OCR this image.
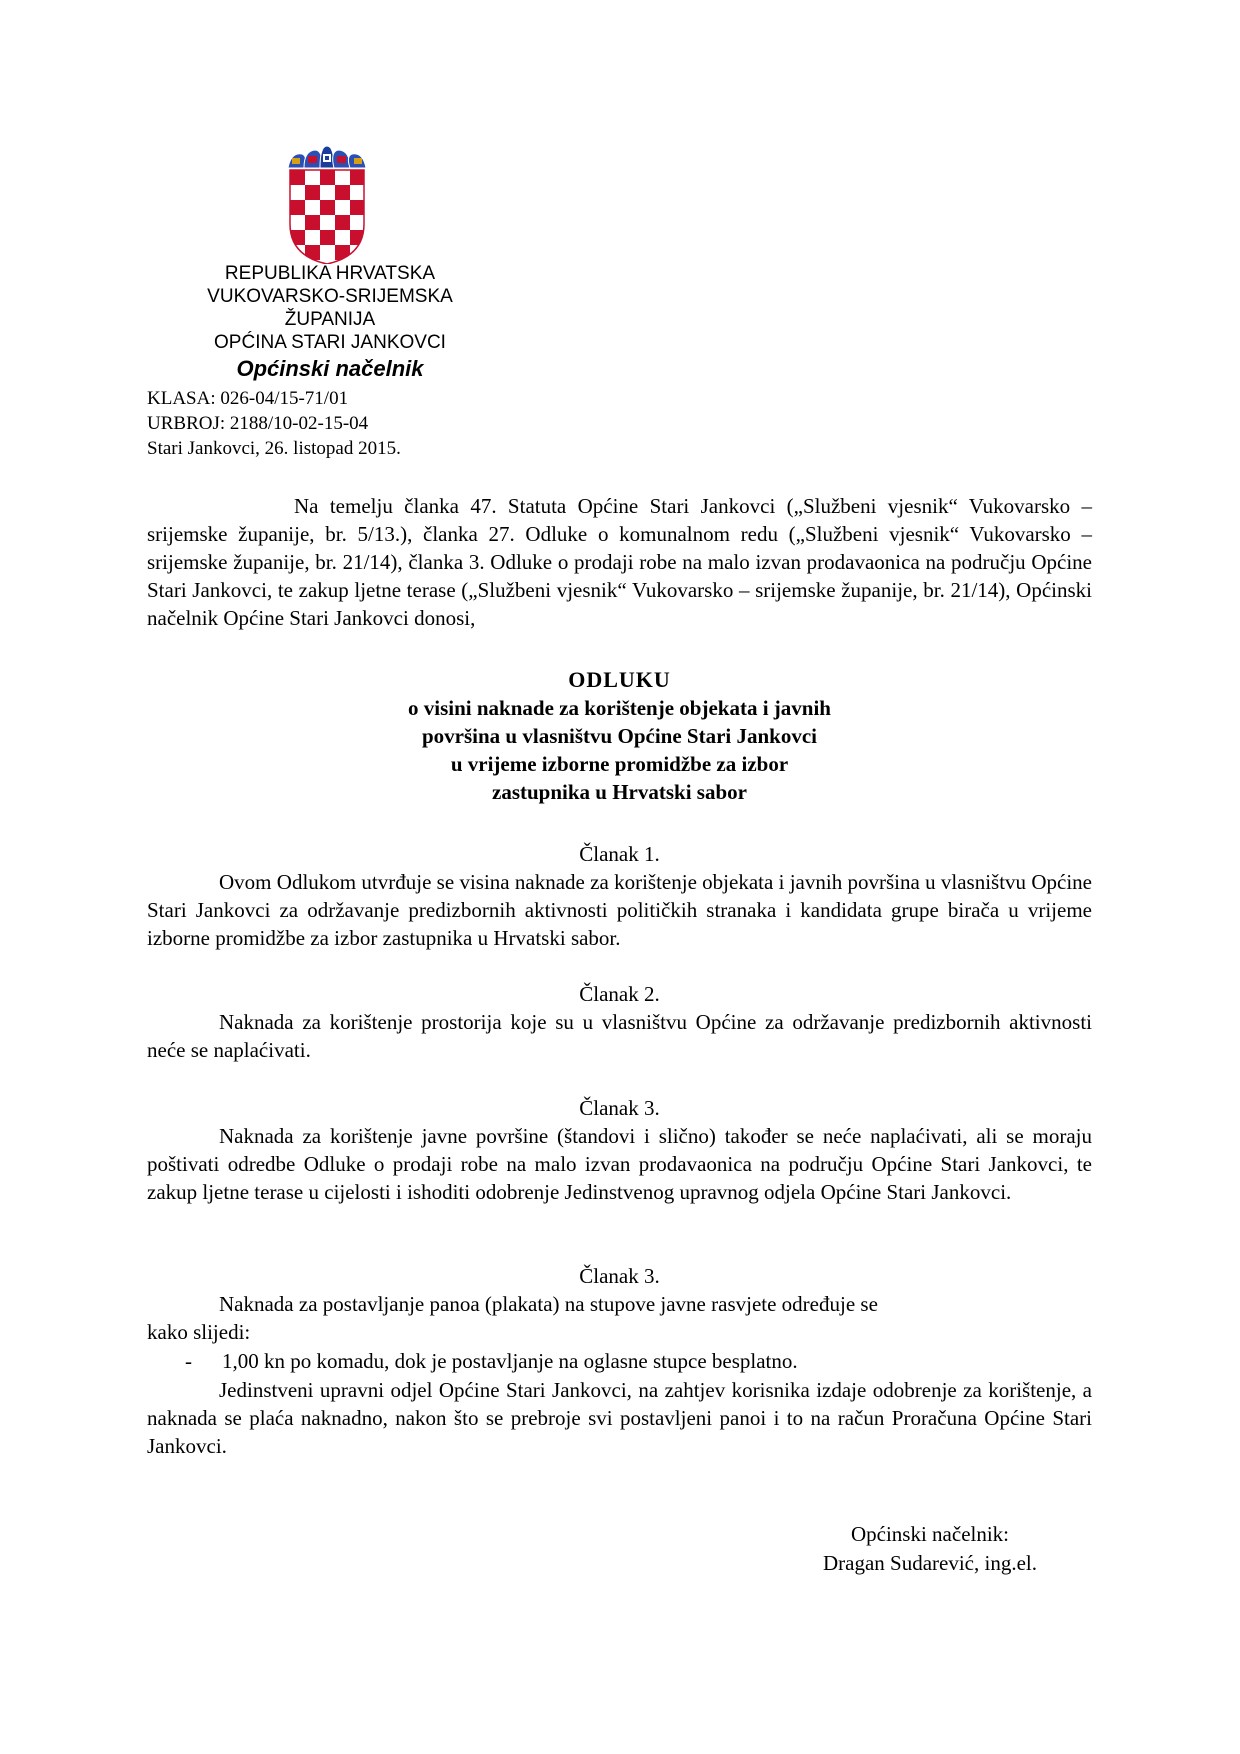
REPUBLIKA HRVATSKA
VUKOVARSKO-SRIJEMSKA
ŽUPANIJA
OPĆINA STARI JANKOVCI
Općinski načelnik
KLASA: 026-04/15-71/01
URBROJ: 2188/10-02-15-04
Stari Jankovci, 26. listopad 2015.
Na temelju članka 47. Statuta Općine Stari Jankovci („Službeni vjesnik“ Vukovarsko – srijemske županije, br. 5/13.), članka 27. Odluke o komunalnom redu („Službeni vjesnik“ Vukovarsko – srijemske županije, br. 21/14), članka 3. Odluke o prodaji robe na malo izvan prodavaonica na području Općine Stari Jankovci, te zakup ljetne terase („Službeni vjesnik“ Vukovarsko – srijemske županije, br. 21/14), Općinski načelnik Općine Stari Jankovci donosi,
ODLUKU
o visini naknade za korištenje objekata i javnih
površina u vlasništvu Općine Stari Jankovci
u vrijeme izborne promidžbe za izbor
zastupnika u Hrvatski sabor
Članak 1.
Ovom Odlukom utvrđuje se visina naknade za korištenje objekata i javnih površina u vlasništvu Općine Stari Jankovci za održavanje predizbornih aktivnosti političkih stranaka i kandidata grupe birača u vrijeme izborne promidžbe za izbor zastupnika u Hrvatski sabor.
Članak 2.
Naknada za korištenje prostorija koje su u vlasništvu Općine za održavanje predizbornih aktivnosti neće se naplaćivati.
Članak 3.
Naknada za korištenje javne površine (štandovi i slično) također se neće naplaćivati, ali se moraju poštivati odredbe Odluke o prodaji robe na malo izvan prodavaonica na području Općine Stari Jankovci, te zakup ljetne terase u cijelosti i ishoditi odobrenje Jedinstvenog upravnog odjela Općine Stari Jankovci.
Članak 3.
Naknada za postavljanje panoa (plakata) na stupove javne rasvjete određuje se
kako slijedi:
- 1,00 kn po komadu, dok je postavljanje na oglasne stupce besplatno.
Jedinstveni upravni odjel Općine Stari Jankovci, na zahtjev korisnika izdaje odobrenje za korištenje, a naknada se plaća naknadno, nakon što se prebroje svi postavljeni panoi i to na račun Proračuna Općine Stari Jankovci.
Općinski načelnik:
Dragan Sudarević, ing.el.
